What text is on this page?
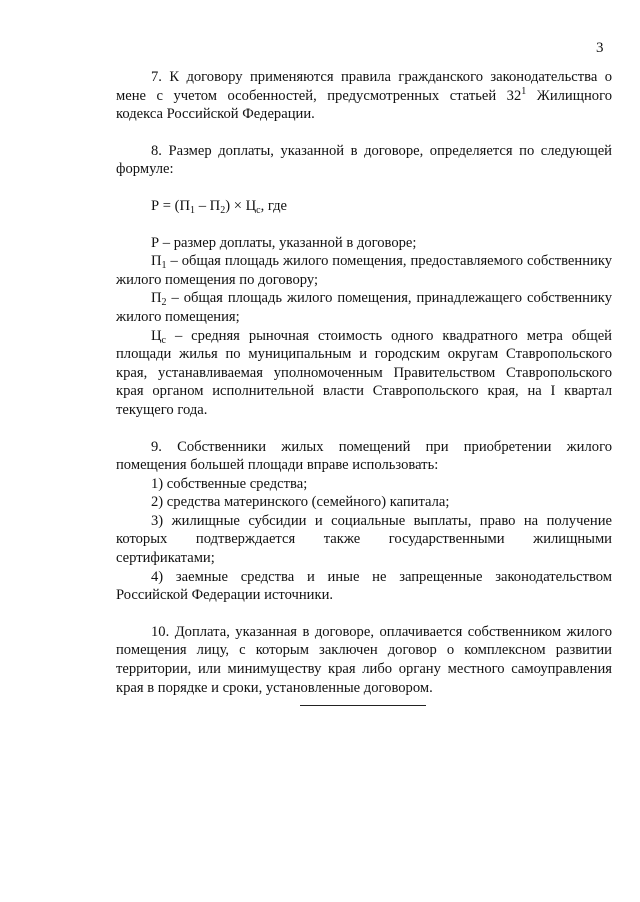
3

7. К договору применяются правила гражданского законодательства о мене с учетом особенностей, предусмотренных статьей $32^1$ Жилищного кодекса Российской Федерации.

8. Размер доплаты, указанной в договоре, определяется по следующей формуле:

$Р = (П_1 - П_2) \times Ц_с$, где

Р – размер доплаты, указанной в договоре;

$П_1$ – общая площадь жилого помещения, предоставляемого собственнику жилого помещения по договору;

$П_2$ – общая площадь жилого помещения, принадлежащего собственнику жилого помещения;

$Ц_с$ – средняя рыночная стоимость одного квадратного метра общей площади жилья по муниципальным и городским округам Ставропольского края, устанавливаемая уполномоченным Правительством Ставропольского края органом исполнительной власти Ставропольского края, на I квартал текущего года.

9. Собственники жилых помещений при приобретении жилого помещения большей площади вправе использовать:

1) собственные средства;

2) средства материнского (семейного) капитала;

3) жилищные субсидии и социальные выплаты, право на получение которых подтверждается также государственными жилищными сертификатами;

4) заемные средства и иные не запрещенные законодательством Российской Федерации источники.

10. Доплата, указанная в договоре, оплачивается собственником жилого помещения лицу, с которым заключен договор о комплексном развитии территории, или минимуществу края либо органу местного самоуправления края в порядке и сроки, установленные договором.
